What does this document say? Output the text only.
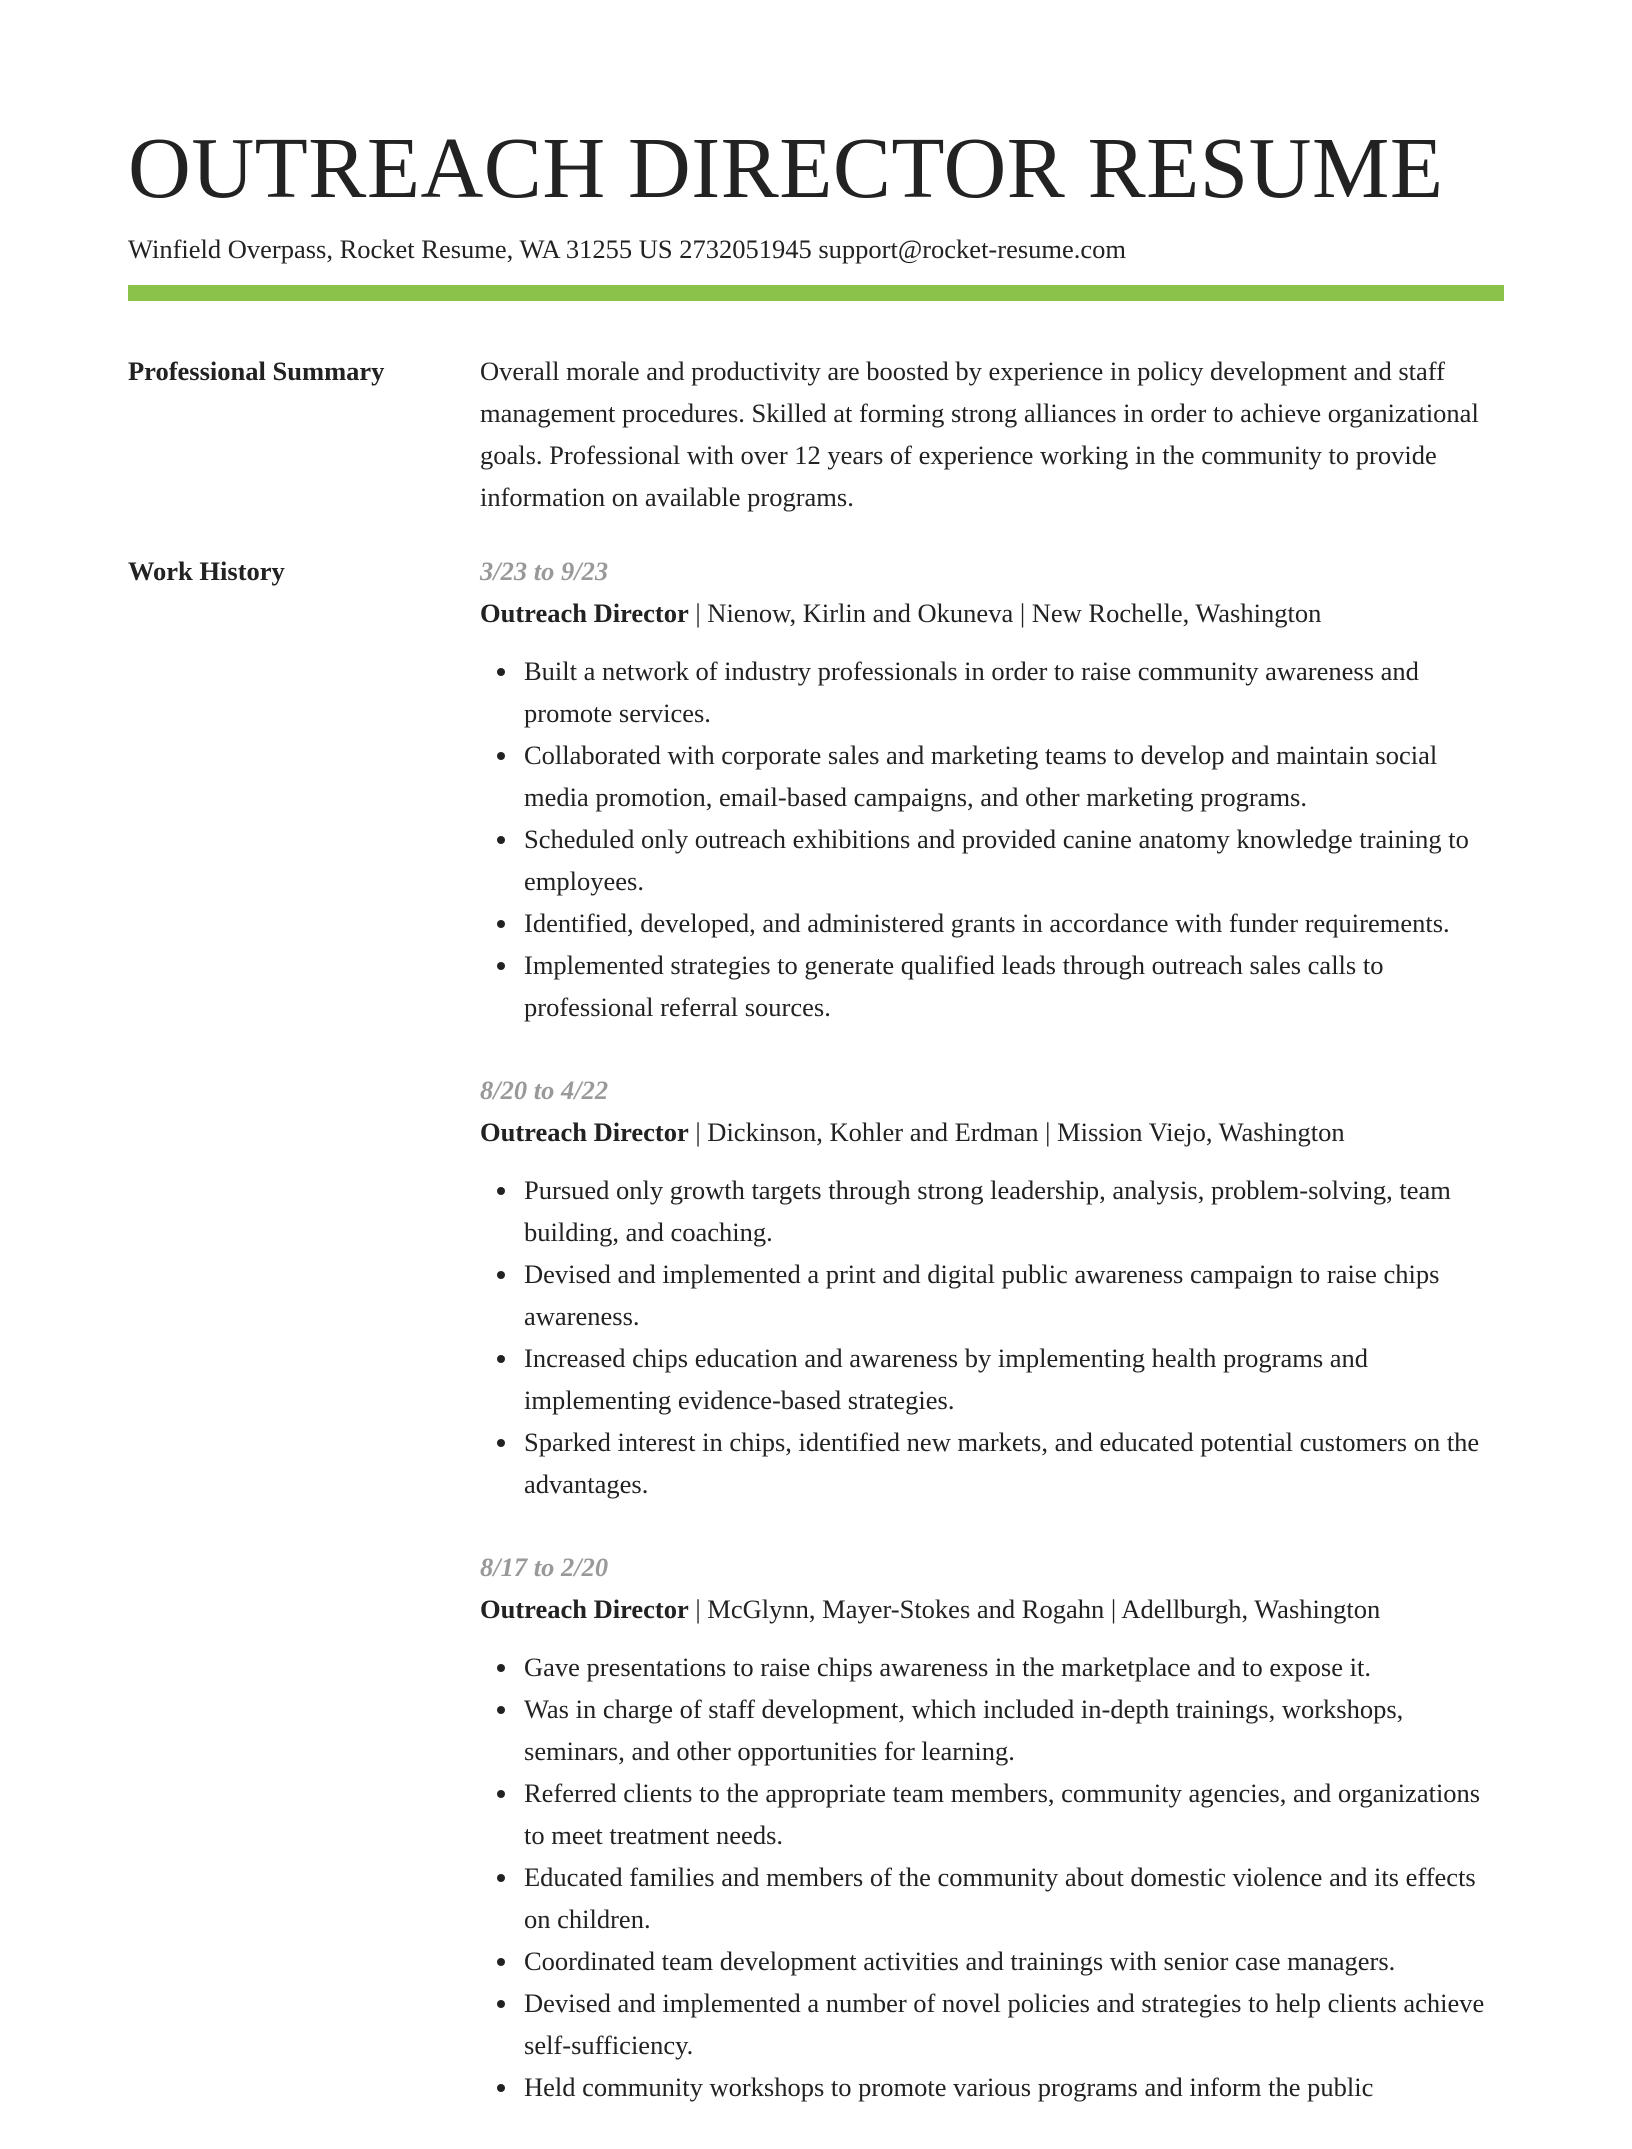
OUTREACH DIRECTOR RESUME
Winfield Overpass, Rocket Resume, WA 31255 US 2732051945 support@rocket-resume.com
Professional Summary	Overall morale and productivity are boosted by experience in policy development and staff management procedures. Skilled at forming strong alliances in order to achieve organizational goals. Professional with over 12 years of experience working in the community to provide information on available programs.

Work History	3/23 to 9/23
Outreach Director | Nienow, Kirlin and Okuneva | New Rochelle, Washington
Built a network of industry professionals in order to raise community awareness and promote services.
Collaborated with corporate sales and marketing teams to develop and maintain social media promotion, email-based campaigns, and other marketing programs.
Scheduled only outreach exhibitions and provided canine anatomy knowledge training to employees.
Identified, developed, and administered grants in accordance with funder requirements.
Implemented strategies to generate qualified leads through outreach sales calls to professional referral sources.
8/20 to 4/22
Outreach Director | Dickinson, Kohler and Erdman | Mission Viejo, Washington
Pursued only growth targets through strong leadership, analysis, problem-solving, team building, and coaching.
Devised and implemented a print and digital public awareness campaign to raise chips awareness.
Increased chips education and awareness by implementing health programs and implementing evidence-based strategies.
Sparked interest in chips, identified new markets, and educated potential customers on the advantages.
8/17 to 2/20
Outreach Director | McGlynn, Mayer-Stokes and Rogahn | Adellburgh, Washington
Gave presentations to raise chips awareness in the marketplace and to expose it.
Was in charge of staff development, which included in-depth trainings, workshops, seminars, and other opportunities for learning.
Referred clients to the appropriate team members, community agencies, and organizations to meet treatment needs.
Educated families and members of the community about domestic violence and its effects on children.
Coordinated team development activities and trainings with senior case managers.
Devised and implemented a number of novel policies and strategies to help clients achieve self-sufficiency.
Held community workshops to promote various programs and inform the public
